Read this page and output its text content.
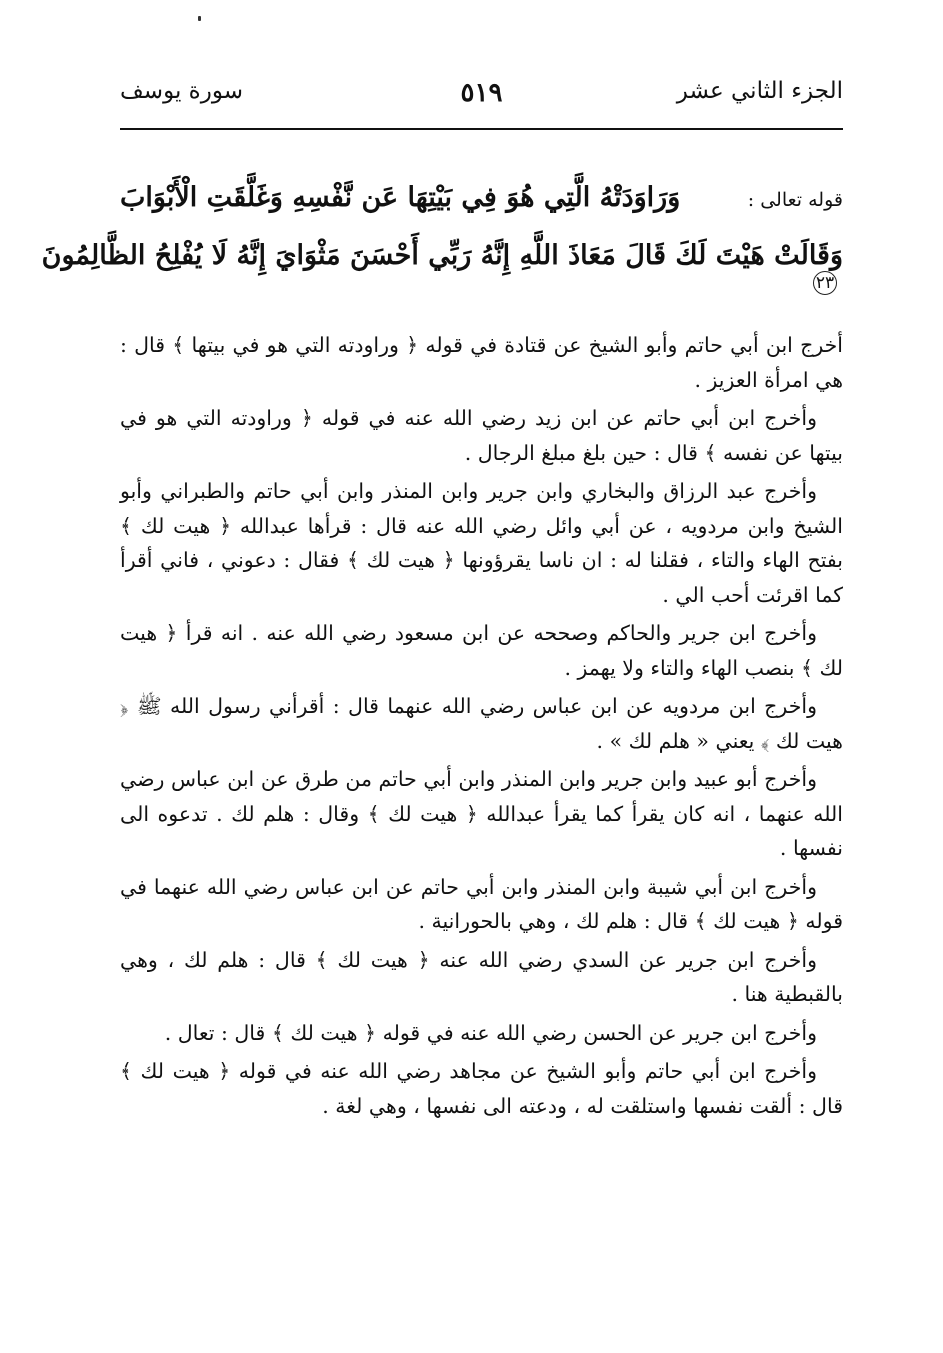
الجزء الثاني عشر
٥١٩
سورة يوسف
قوله تعالى :
وَرَاوَدَتْهُ الَّتِي هُوَ فِي بَيْتِهَا عَن نَّفْسِهِ وَغَلَّقَتِ الْأَبْوَابَ
وَقَالَتْ هَيْتَ لَكَ قَالَ مَعَاذَ اللَّهِ إِنَّهُ رَبِّي أَحْسَنَ مَثْوَايَ إِنَّهُ لَا يُفْلِحُ الظَّالِمُونَ ٢٣

أخرج ابن أبي حاتم وأبو الشيخ عن قتادة في قوله ﴿ وراودته التي هو في بيتها ﴾ قال : هي امرأة العزيز .

وأخرج ابن أبي حاتم عن ابن زيد رضي الله عنه في قوله ﴿ وراودته التي هو في بيتها عن نفسه ﴾ قال : حين بلغ مبلغ الرجال .

وأخرج عبد الرزاق والبخاري وابن جرير وابن المنذر وابن أبي حاتم والطبراني وأبو الشيخ وابن مردويه ، عن أبي وائل رضي الله عنه قال : قرأها عبدالله ﴿ هيت لك ﴾ بفتح الهاء والتاء ، فقلنا له : ان ناسا يقرؤونها ﴿ هيت لك ﴾ فقال : دعوني ، فاني أقرأ كما اقرئت أحب الي .

وأخرج ابن جرير والحاكم وصححه عن ابن مسعود رضي الله عنه . انه قرأ ﴿ هيت لك ﴾ بنصب الهاء والتاء ولا يهمز .

وأخرج ابن مردويه عن ابن عباس رضي الله عنهما قال : أقرأني رسول الله ﷺ ﴿ هيت لك ﴾ يعني « هلم لك » .

وأخرج أبو عبيد وابن جرير وابن المنذر وابن أبي حاتم من طرق عن ابن عباس رضي الله عنهما ، انه كان يقرأ كما يقرأ عبدالله ﴿ هيت لك ﴾ وقال : هلم لك . تدعوه الى نفسها .

وأخرج ابن أبي شيبة وابن المنذر وابن أبي حاتم عن ابن عباس رضي الله عنهما في قوله ﴿ هيت لك ﴾ قال : هلم لك ، وهي بالحورانية .

وأخرج ابن جرير عن السدي رضي الله عنه ﴿ هيت لك ﴾ قال : هلم لك ، وهي بالقبطية هنا .

وأخرج ابن جرير عن الحسن رضي الله عنه في قوله ﴿ هيت لك ﴾ قال : تعال .

وأخرج ابن أبي حاتم وأبو الشيخ عن مجاهد رضي الله عنه في قوله ﴿ هيت لك ﴾ قال : ألقت نفسها واستلقت له ، ودعته الى نفسها ، وهي لغة .
